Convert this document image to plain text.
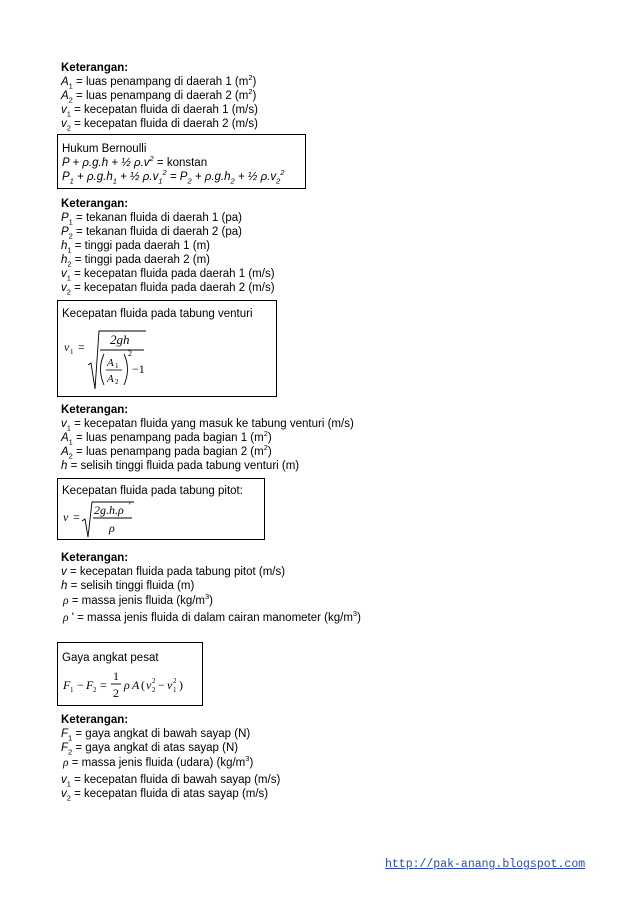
Keterangan:
$A_1$ = luas penampang di daerah 1 $(m^2)$
$A_2$ = luas penampang di daerah 2 $(m^2)$
$v_1$ = kecepatan fluida di daerah 1 (m/s)
$v_2$ = kecepatan fluida di daerah 2 (m/s)
Hukum Bernoulli
P + ρ.g.h + ½ $\rho.v^2$ = konstan
$P_1 + \rho.g.h_1$ + ½ $\rho.v_1^2 = P_2 + \rho.g.h_2$ + ½ $\rho.v_2^2$
Keterangan:
$P_1$ = tekanan fluida di daerah 1 (pa)
$P_2$ = tekanan fluida di daerah 2 (pa)
$h_1$ = tinggi pada daerah 1 (m)
$h_2$ = tinggi pada daerah 2 (m)
$v_1$ = kecepatan fluida pada daerah 1 (m/s)
$v_2$ = kecepatan fluida pada daerah 2 (m/s)
Kecepatan fluida pada tabung venturi
v 1 = 2gh
A 1
A 2
2
−1
Keterangan:
$v_1$ = kecepatan fluida yang masuk ke tabung venturi (m/s)
$A_1$ = luas penampang pada bagian 1 $(m^2)$
$A_2$ = luas penampang pada bagian 2 $(m^2)$
h = selisih tinggi fluida pada tabung venturi (m)
Kecepatan fluida pada tabung pitot:
v = 2g.h.ρ '
ρ
Keterangan:
v = kecepatan fluida pada tabung pitot (m/s)
h = selisih tinggi fluida (m)
ρ = massa jenis fluida $(kg/m^3)$
ρ ' = massa jenis fluida di dalam cairan manometer $(kg/m^3)$
Gaya angkat pesat
F 1 − F 2 =
1
2
ρ A ( v 2
2 − v 2
1 )
Keterangan:
$F_1$ = gaya angkat di bawah sayap (N)
$F_2$ = gaya angkat di atas sayap (N)
ρ = massa jenis fluida (udara) $(kg/m^3)$
$v_1$ = kecepatan fluida di bawah sayap (m/s)
$v_2$ = kecepatan fluida di atas sayap (m/s)
http://pak-anang.blogspot.com
